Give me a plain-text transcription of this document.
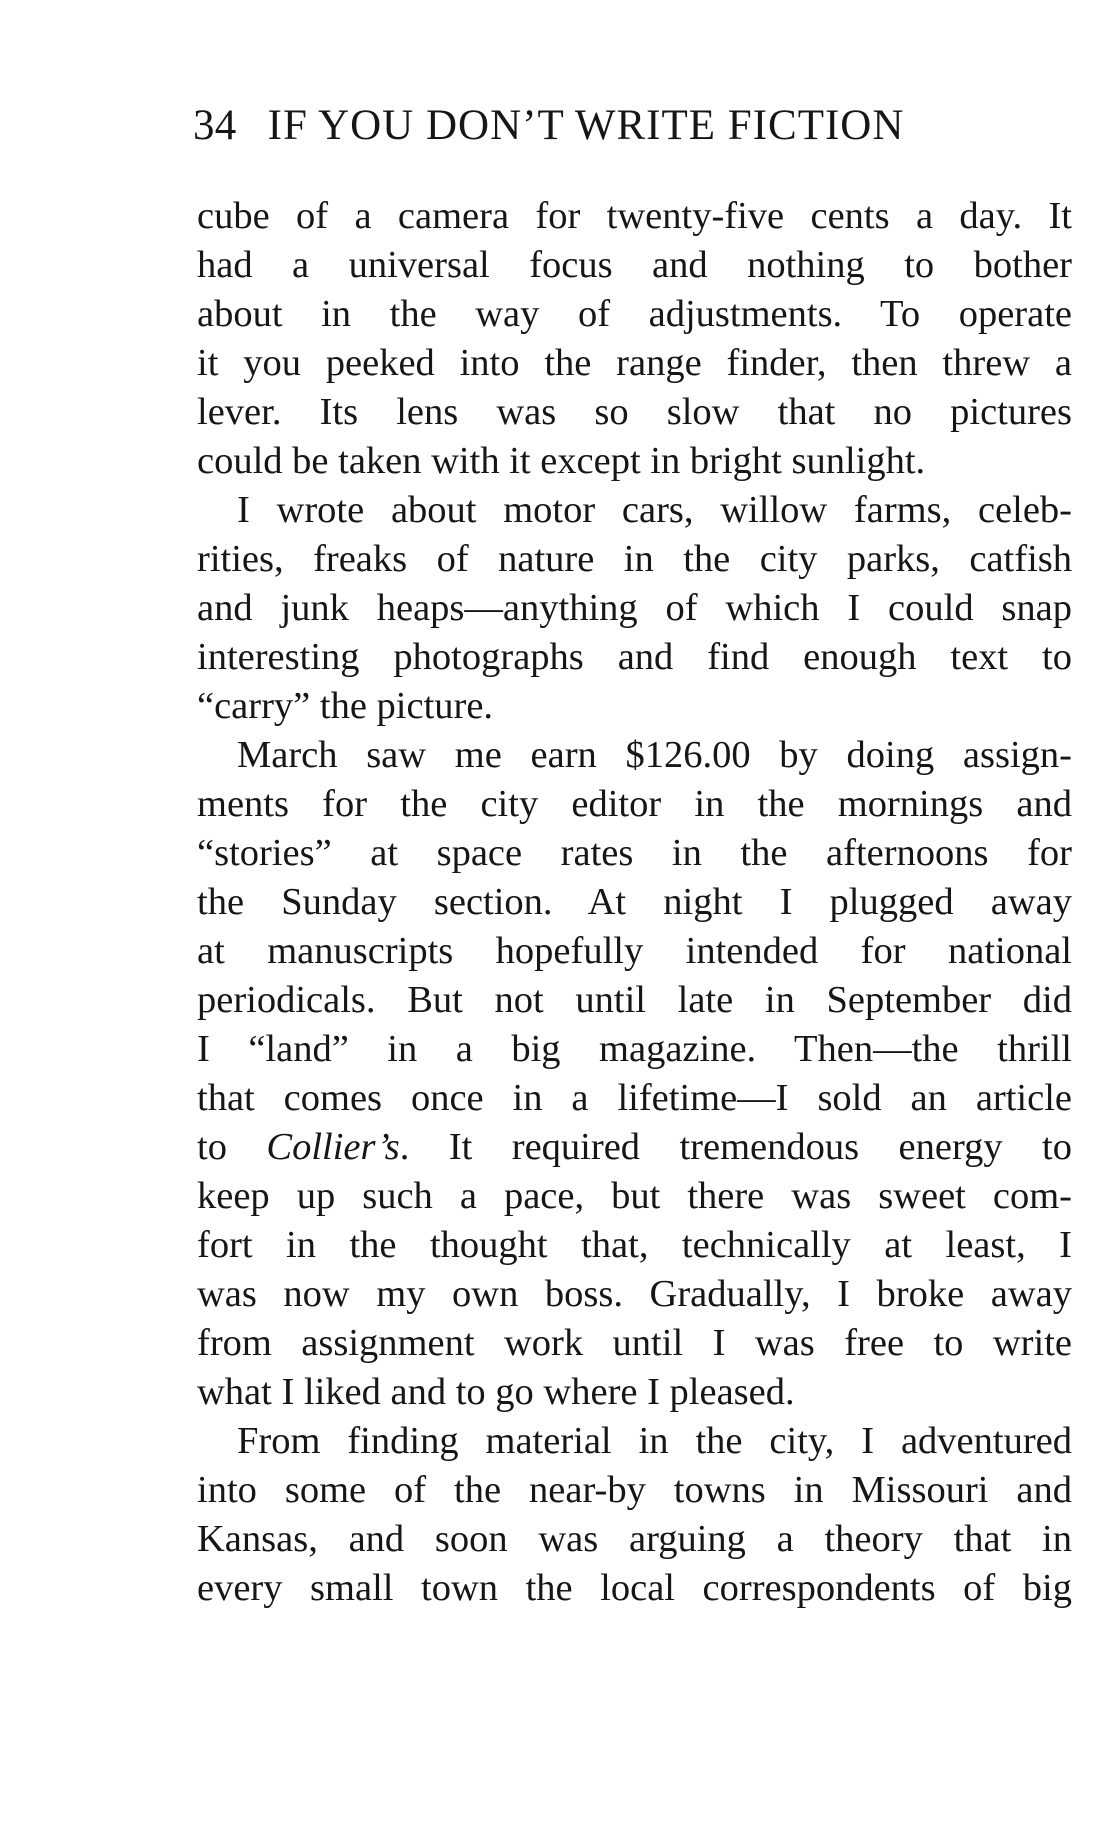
34 IF YOU DON’T WRITE FICTION
cube of a camera for twenty-five cents a day. It
had a universal focus and nothing to bother
about in the way of adjustments. To operate
it you peeked into the range finder, then threw a
lever. Its lens was so slow that no pictures
could be taken with it except in bright sunlight.
I wrote about motor cars, willow farms, celeb-
rities, freaks of nature in the city parks, catfish
and junk heaps—anything of which I could snap
interesting photographs and find enough text to
“carry” the picture.
March saw me earn $126.00 by doing assign-
ments for the city editor in the mornings and
“stories” at space rates in the afternoons for
the Sunday section. At night I plugged away
at manuscripts hopefully intended for national
periodicals. But not until late in September did
I “land” in a big magazine. Then—the thrill
that comes once in a lifetime—I sold an article
to Collier’s. It required tremendous energy to
keep up such a pace, but there was sweet com-
fort in the thought that, technically at least, I
was now my own boss. Gradually, I broke away
from assignment work until I was free to write
what I liked and to go where I pleased.
From finding material in the city, I adventured
into some of the near-by towns in Missouri and
Kansas, and soon was arguing a theory that in
every small town the local correspondents of big
